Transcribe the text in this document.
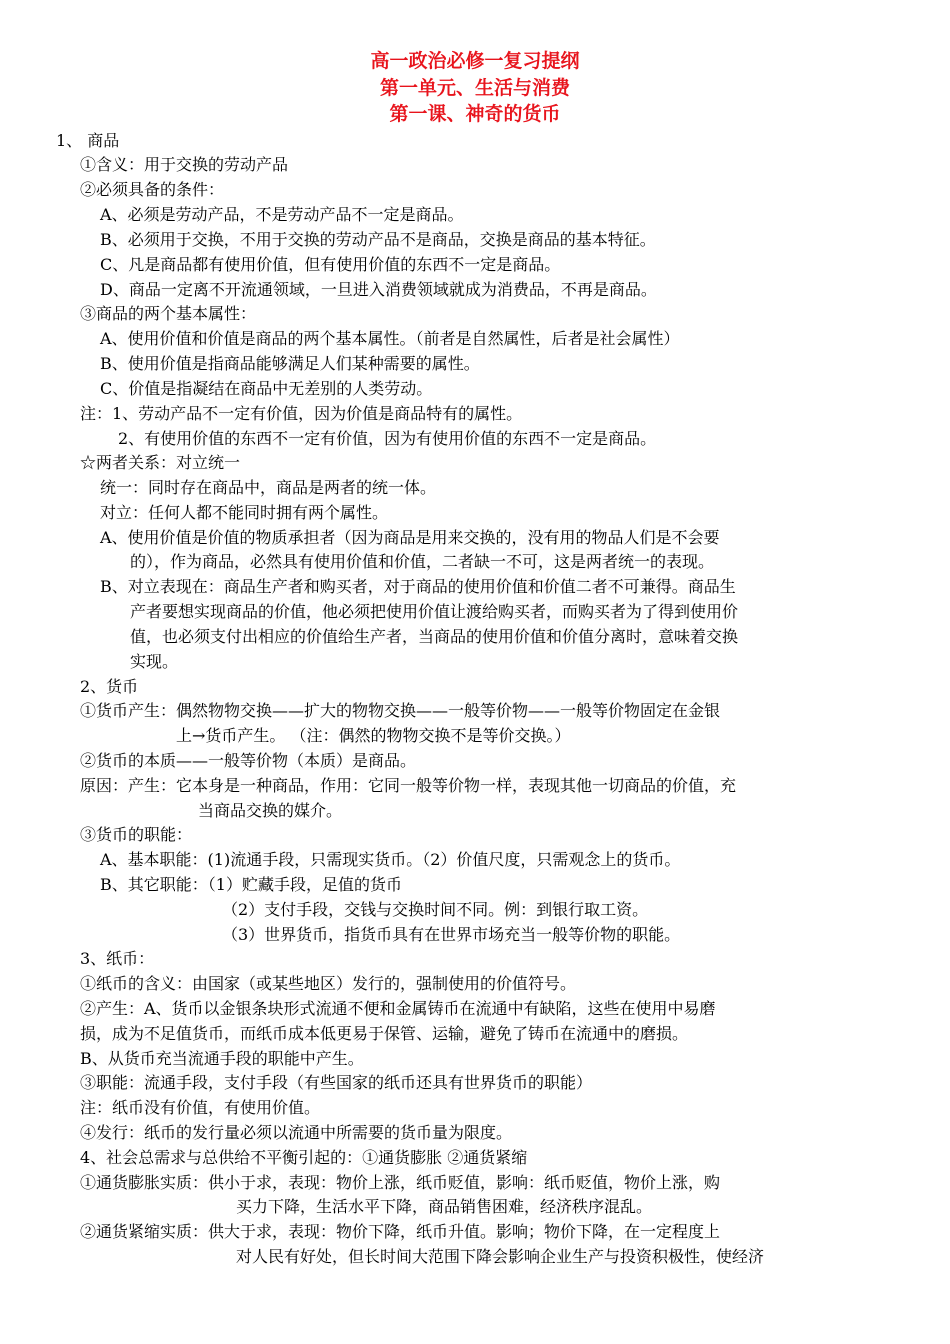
高一政治必修一复习提纲
第一单元、生活与消费
第一课、神奇的货币
1、 商品
①含义：用于交换的劳动产品
②必须具备的条件：
A、必须是劳动产品，不是劳动产品不一定是商品。
B、必须用于交换，不用于交换的劳动产品不是商品，交换是商品的基本特征。
C、凡是商品都有使用价值，但有使用价值的东西不一定是商品。
D、商品一定离不开流通领域，一旦进入消费领域就成为消费品，不再是商品。
③商品的两个基本属性：
A、使用价值和价值是商品的两个基本属性。（前者是自然属性，后者是社会属性）
B、使用价值是指商品能够满足人们某种需要的属性。
C、价值是指凝结在商品中无差别的人类劳动。
注：1、劳动产品不一定有价值，因为价值是商品特有的属性。
2、有使用价值的东西不一定有价值，因为有使用价值的东西不一定是商品。
☆两者关系：对立统一
统一：同时存在商品中，商品是两者的统一体。
对立：任何人都不能同时拥有两个属性。
A、使用价值是价值的物质承担者（因为商品是用来交换的，没有用的物品人们是不会要
的），作为商品，必然具有使用价值和价值，二者缺一不可，这是两者统一的表现。
B、对立表现在：商品生产者和购买者，对于商品的使用价值和价值二者不可兼得。商品生
产者要想实现商品的价值，他必须把使用价值让渡给购买者，而购买者为了得到使用价
值，也必须支付出相应的价值给生产者，当商品的使用价值和价值分离时，意味着交换
实现。
2、货币
①货币产生：偶然物物交换——扩大的物物交换——一般等价物——一般等价物固定在金银
上→货币产生。 （注：偶然的物物交换不是等价交换。）
②货币的本质——一般等价物（本质）是商品。
原因：产生：它本身是一种商品，作用：它同一般等价物一样，表现其他一切商品的价值，充
当商品交换的媒介。
③货币的职能：
A、基本职能：(1)流通手段，只需现实货币。（2）价值尺度，只需观念上的货币。
B、其它职能：（1）贮藏手段，足值的货币
（2）支付手段，交钱与交换时间不同。例：到银行取工资。
（3）世界货币，指货币具有在世界市场充当一般等价物的职能。
3、纸币：
①纸币的含义：由国家（或某些地区）发行的，强制使用的价值符号。
②产生：A、货币以金银条块形式流通不便和金属铸币在流通中有缺陷，这些在使用中易磨
损，成为不足值货币，而纸币成本低更易于保管、运输，避免了铸币在流通中的磨损。
B、从货币充当流通手段的职能中产生。
③职能：流通手段，支付手段（有些国家的纸币还具有世界货币的职能）
注：纸币没有价值，有使用价值。
④发行：纸币的发行量必须以流通中所需要的货币量为限度。
4、社会总需求与总供给不平衡引起的：①通货膨胀 ②通货紧缩
①通货膨胀实质：供小于求，表现：物价上涨，纸币贬值，影响：纸币贬值，物价上涨，购
买力下降，生活水平下降，商品销售困难，经济秩序混乱。
②通货紧缩实质：供大于求，表现：物价下降，纸币升值。影响；物价下降，在一定程度上
对人民有好处，但长时间大范围下降会影响企业生产与投资积极性，使经济
